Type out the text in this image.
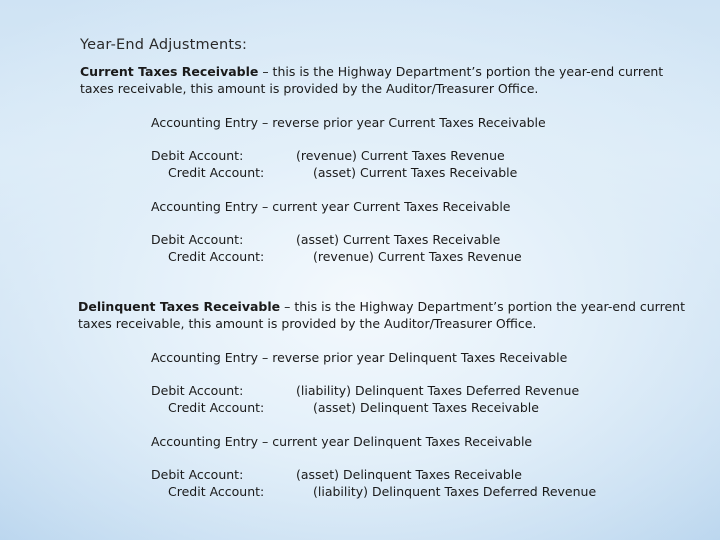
Year-End Adjustments:
Current Taxes Receivable – this is the Highway Department’s portion the year-end current taxes receivable, this amount is provided by the Auditor/Treasurer Office.
Accounting Entry – reverse prior year Current Taxes Receivable
Debit Account:	(revenue) Current Taxes Revenue
Credit Account:	(asset) Current Taxes Receivable
Accounting Entry – current year Current Taxes Receivable
Debit Account:	(asset) Current Taxes Receivable
Credit Account:	(revenue) Current Taxes Revenue
Delinquent Taxes Receivable – this is the Highway Department’s portion the year-end current taxes receivable, this amount is provided by the Auditor/Treasurer Office.
Accounting Entry – reverse prior year Delinquent Taxes Receivable
Debit Account:	(liability) Delinquent Taxes Deferred Revenue
Credit Account:	(asset) Delinquent Taxes Receivable
Accounting Entry – current year Delinquent Taxes Receivable
Debit Account:	(asset) Delinquent Taxes Receivable
Credit Account:	(liability) Delinquent Taxes Deferred Revenue
